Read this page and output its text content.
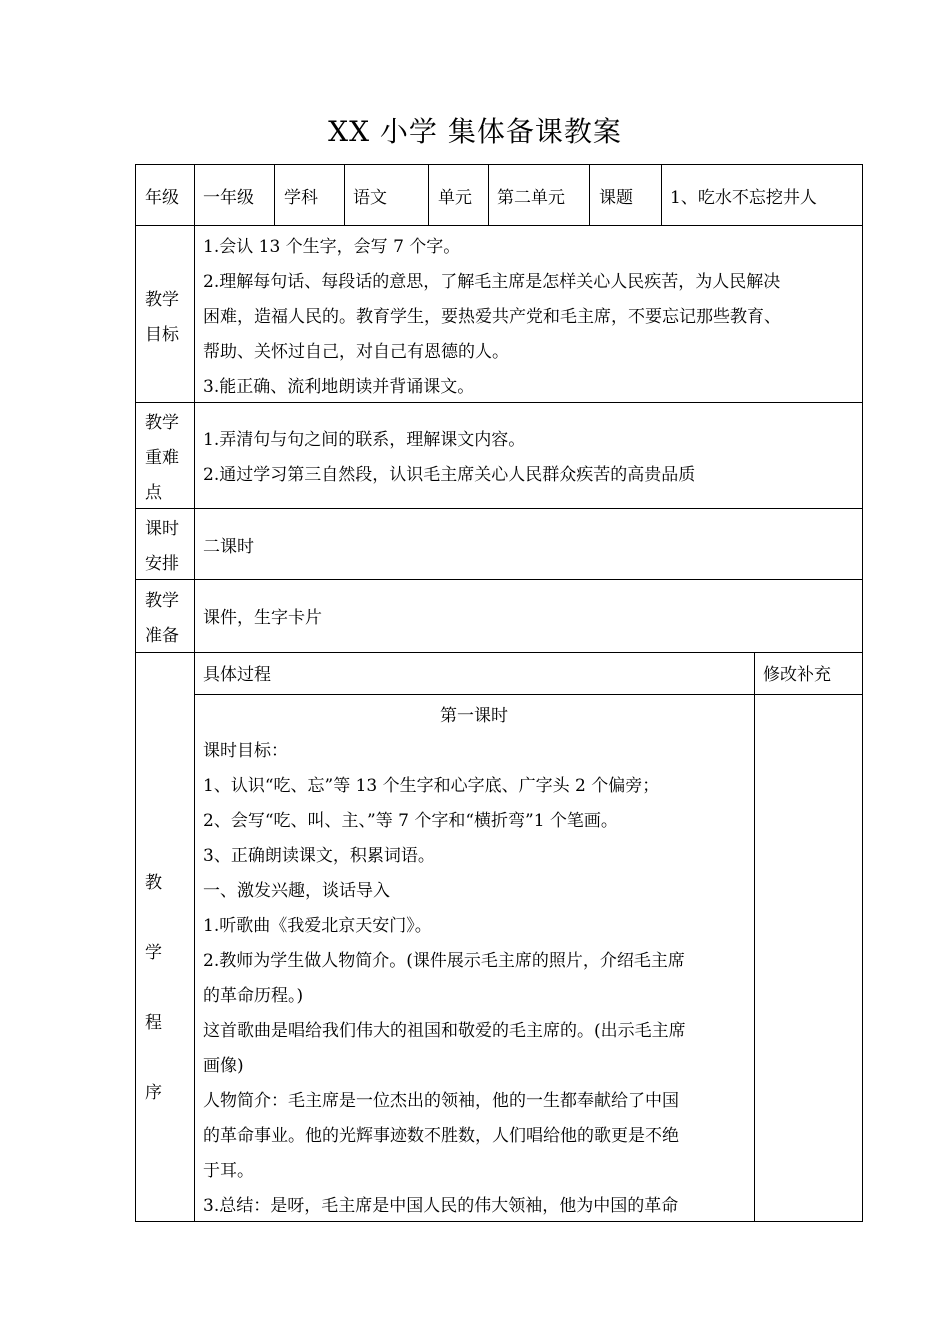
XX 小学 集体备课教案
年级 一年级 学科 语文	单元 第二单元 课题 1、吃水不忘挖井人
教学
目标
1.会认 13 个生字，会写 7 个字。
2.理解每句话、每段话的意思，了解毛主席是怎样关心人民疾苦，为人民解决
困难，造福人民的。教育学生，要热爱共产党和毛主席，不要忘记那些教育、
帮助、关怀过自己，对自己有恩德的人。
3.能正确、流利地朗读并背诵课文。
教学
重难
点
1.弄清句与句之间的联系，理解课文内容。
2.通过学习第三自然段，认识毛主席关心人民群众疾苦的高贵品质
课时
安排
二课时
教学
准备
课件，生字卡片
教
学
程
序
具体过程	修改补充
第一课时
课时目标：
1、认识“吃、忘”等 13 个生字和心字底、广字头 2 个偏旁；
2、会写“吃、叫、主、”等 7 个字和“横折弯”1 个笔画。
3、正确朗读课文，积累词语。
一、激发兴趣，谈话导入
1.听歌曲《我爱北京天安门》。
2.教师为学生做人物简介。(课件展示毛主席的照片，介绍毛主席
的革命历程。)
这首歌曲是唱给我们伟大的祖国和敬爱的毛主席的。(出示毛主席
画像)
人物简介：毛主席是一位杰出的领袖，他的一生都奉献给了中国
的革命事业。他的光辉事迹数不胜数，人们唱给他的歌更是不绝
于耳。
3.总结：是呀，毛主席是中国人民的伟大领袖，他为中国的革命
